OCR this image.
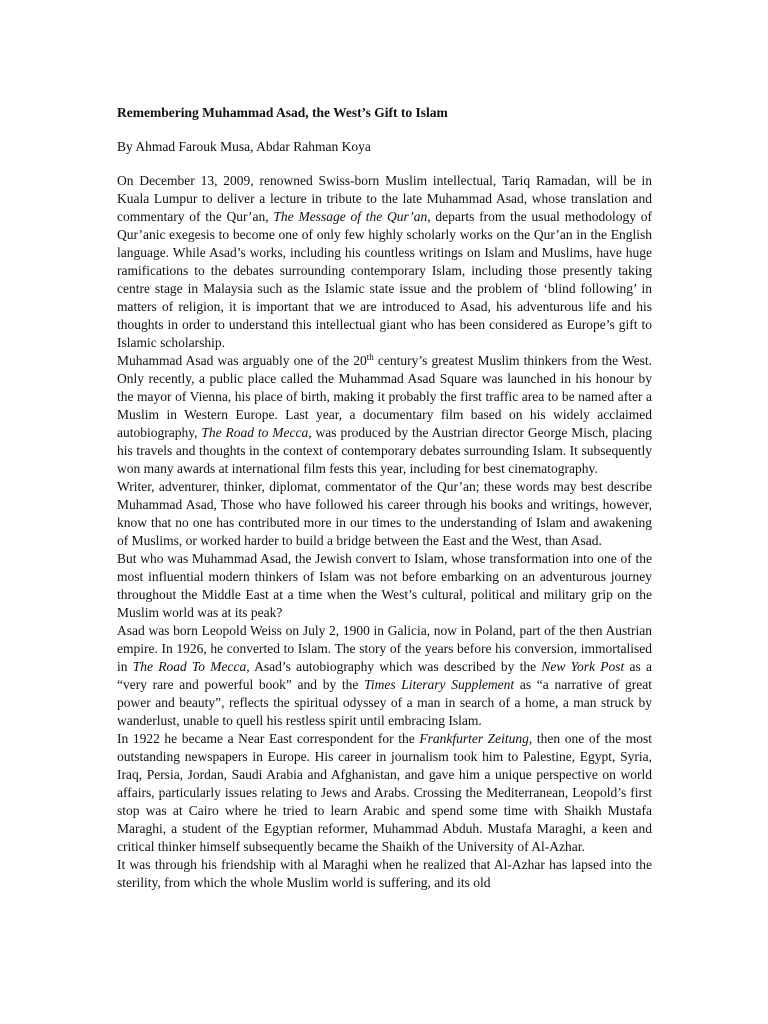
Remembering Muhammad Asad, the West’s Gift to Islam
By Ahmad Farouk Musa, Abdar Rahman Koya

On December 13, 2009, renowned Swiss-born Muslim intellectual, Tariq Ramadan, will be in Kuala Lumpur to deliver a lecture in tribute to the late Muhammad Asad, whose translation and commentary of the Qur’an, The Message of the Qur’an, departs from the usual methodology of Qur’anic exegesis to become one of only few highly scholarly works on the Qur’an in the English language. While Asad’s works, including his countless writings on Islam and Muslims, have huge ramifications to the debates surrounding contemporary Islam, including those presently taking centre stage in Malaysia such as the Islamic state issue and the problem of ‘blind following’ in matters of religion, it is important that we are introduced to Asad, his adventurous life and his thoughts in order to understand this intellectual giant who has been considered as Europe’s gift to Islamic scholarship.

Muhammad Asad was arguably one of the 20th century’s greatest Muslim thinkers from the West. Only recently, a public place called the Muhammad Asad Square was launched in his honour by the mayor of Vienna, his place of birth, making it probably the first traffic area to be named after a Muslim in Western Europe. Last year, a documentary film based on his widely acclaimed autobiography, The Road to Mecca, was produced by the Austrian director George Misch, placing his travels and thoughts in the context of contemporary debates surrounding Islam. It subsequently won many awards at international film fests this year, including for best cinematography.

Writer, adventurer, thinker, diplomat, commentator of the Qur’an; these words may best describe Muhammad Asad, Those who have followed his career through his books and writings, however, know that no one has contributed more in our times to the understanding of Islam and awakening of Muslims, or worked harder to build a bridge between the East and the West, than Asad.

But who was Muhammad Asad, the Jewish convert to Islam, whose transformation into one of the most influential modern thinkers of Islam was not before embarking on an adventurous journey throughout the Middle East at a time when the West’s cultural, political and military grip on the Muslim world was at its peak?

Asad was born Leopold Weiss on July 2, 1900 in Galicia, now in Poland, part of the then Austrian empire. In 1926, he converted to Islam. The story of the years before his conversion, immortalised in The Road To Mecca, Asad’s autobiography which was described by the New York Post as a “very rare and powerful book” and by the Times Literary Supplement as “a narrative of great power and beauty”, reflects the spiritual odyssey of a man in search of a home, a man struck by wanderlust, unable to quell his restless spirit until embracing Islam.

In 1922 he became a Near East correspondent for the Frankfurter Zeitung, then one of the most outstanding newspapers in Europe. His career in journalism took him to Palestine, Egypt, Syria, Iraq, Persia, Jordan, Saudi Arabia and Afghanistan, and gave him a unique perspective on world affairs, particularly issues relating to Jews and Arabs. Crossing the Mediterranean, Leopold’s first stop was at Cairo where he tried to learn Arabic and spend some time with Shaikh Mustafa Maraghi, a student of the Egyptian reformer, Muhammad Abduh. Mustafa Maraghi, a keen and critical thinker himself subsequently became the Shaikh of the University of Al-Azhar.

It was through his friendship with al Maraghi when he realized that Al-Azhar has lapsed into the sterility, from which the whole Muslim world is suffering, and its old
